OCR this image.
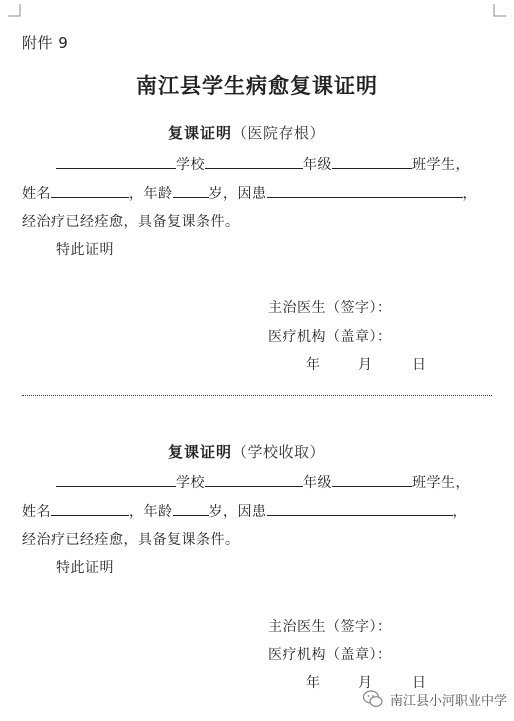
附件 9
南江县学生病愈复课证明
复课证明（医院存根）
学校	年级	班学生，
姓名	，年龄	岁，因患	，
经治疗已经痊愈，具备复课条件。
特此证明
主治医生（签字）：
医疗机构（盖章）：
年	月	日
复课证明（学校收取）
学校	年级	班学生，
姓名	，年龄	岁，因患	，
经治疗已经痊愈，具备复课条件。
特此证明
主治医生（签字）：
医疗机构（盖章）：
年	月	日
南江县小河职业中学
